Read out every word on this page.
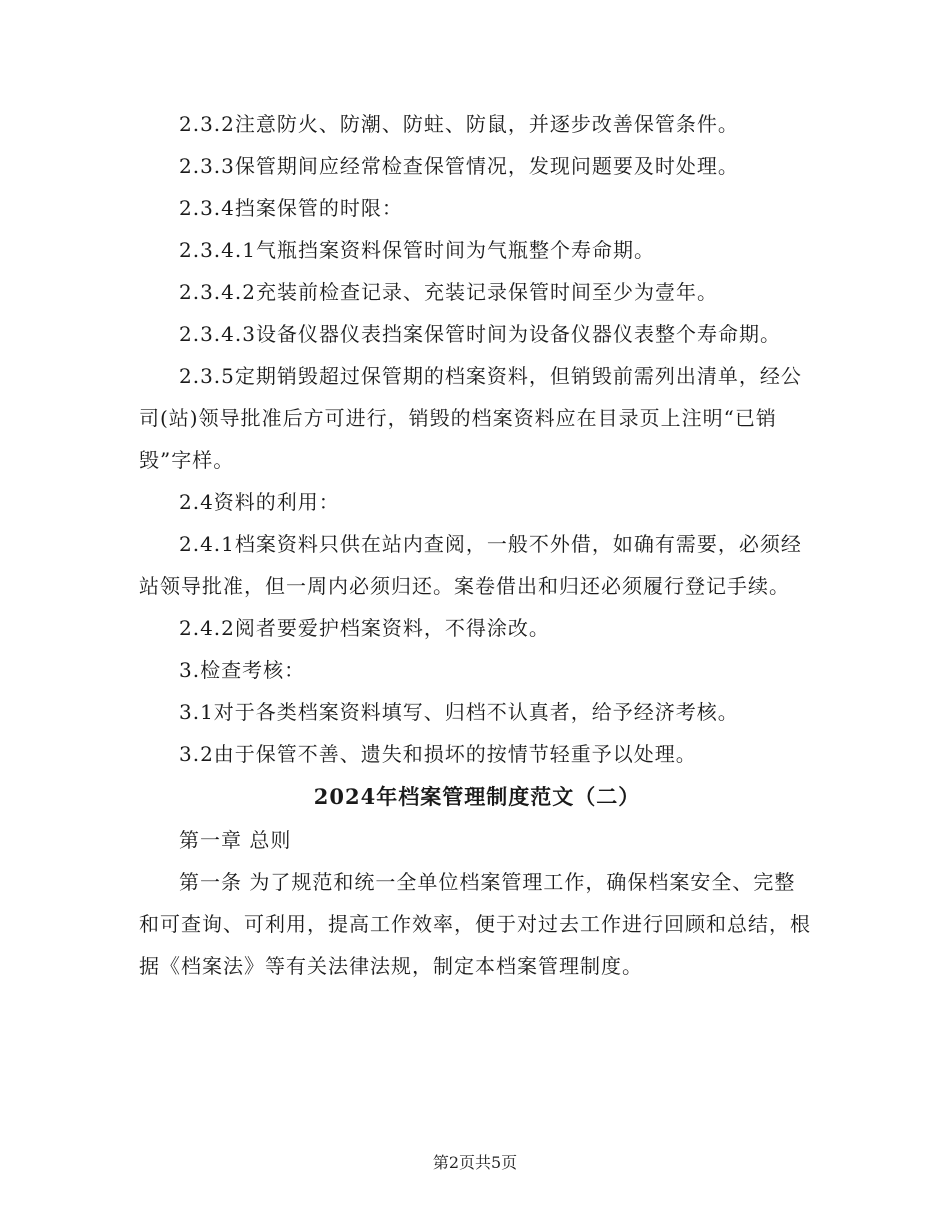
2.3.2注意防火、防潮、防蛀、防鼠，并逐步改善保管条件。

2.3.3保管期间应经常检查保管情况，发现问题要及时处理。

2.3.4挡案保管的时限：

2.3.4.1气瓶挡案资料保管时间为气瓶整个寿命期。

2.3.4.2充装前检查记录、充装记录保管时间至少为壹年。

2.3.4.3设备仪器仪表挡案保管时间为设备仪器仪表整个寿命期。

2.3.5定期销毁超过保管期的档案资料，但销毁前需列出清单，经公司(站)领导批准后方可进行，销毁的档案资料应在目录页上注明“已销毁”字样。

2.4资料的利用：

2.4.1档案资料只供在站内查阅，一般不外借，如确有需要，必须经站领导批准，但一周内必须归还。案卷借出和归还必须履行登记手续。

2.4.2阅者要爱护档案资料，不得涂改。

3.检查考核：

3.1对于各类档案资料填写、归档不认真者，给予经济考核。

3.2由于保管不善、遗失和损坏的按情节轻重予以处理。

2024年档案管理制度范文（二）

第一章 总则

第一条 为了规范和统一全单位档案管理工作，确保档案安全、完整和可查询、可利用，提高工作效率，便于对过去工作进行回顾和总结，根据《档案法》等有关法律法规，制定本档案管理制度。

第2页共5页
